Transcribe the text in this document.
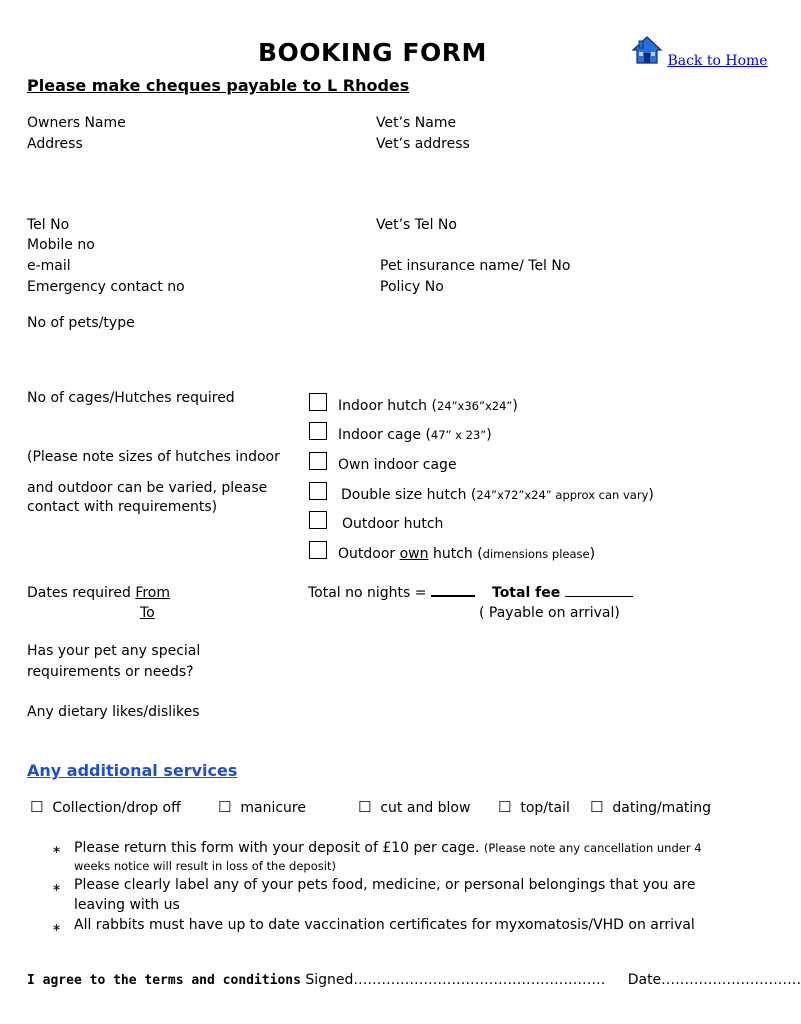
BOOKING FORM	Back to Home
Please make cheques payable to L Rhodes
Owners Name
Address
Tel No
Mobile no
e-mail
Emergency contact no
No of pets/type
Vet’s Name
Vet’s address
Vet’s Tel No
Pet insurance name/ Tel No
Policy No
No of cages/Hutches required
(Please note sizes of hutches indoor
and outdoor can be varied, please
contact with requirements)
Indoor hutch (24”x36”x24”)
Indoor cage (47” x 23”)
Own indoor cage
Double size hutch (24”x72”x24” approx can vary)
Outdoor hutch
Outdoor own hutch (dimensions please)
Dates required From
To
Total no nights =	Total fee
( Payable on arrival)
Has your pet any special
requirements or needs?
Any dietary likes/dislikes
Any additional services
☐ Collection/drop off ☐ manicure	☐ cut and blow ☐ top/tail ☐ dating/mating
∗ Please return this form with your deposit of £10 per cage. (Please note any cancellation under 4
weeks notice will result in loss of the deposit)
∗ Please clearly label any of your pets food, medicine, or personal belongings that you are
leaving with us
∗ All rabbits must have up to date vaccination certificates for myxomatosis/VHD on arrival
I agree to the terms and conditions Signed……………………………………………… Date…………………………
